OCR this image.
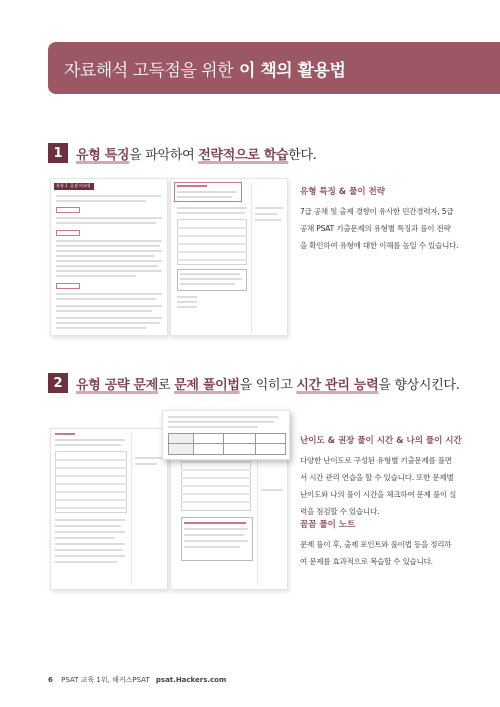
자료해석 고득점을 위한 이 책의 활용법
1	유형 특징을 파악하여 전략적으로 학습한다.
유형 1 곱셈 비교형
유형 특징 & 풀이 전략
7급 공채 및 출제 경향이 유사한 민간경력자, 5급
공채 PSAT 기출문제의 유형별 특징과 풀이 전략
을 확인하여 유형에 대한 이해를 높일 수 있습니다.
2	유형 공략 문제로 문제 풀이법을 익히고 시간 관리 능력을 향상시킨다.
난이도 & 권장 풀이 시간 & 나의 풀이 시간
다양한 난이도로 구성된 유형별 기출문제를 풀면
서 시간 관리 연습을 할 수 있습니다. 또한 문제별
난이도와 나의 풀이 시간을 체크하여 문제 풀이 실
력을 점검할 수 있습니다.
꼼꼼 풀이 노트
문제 풀이 후, 출제 포인트와 풀이법 등을 정리하
여 문제를 효과적으로 복습할 수 있습니다.
6 PSAT 교육 1위, 해커스PSAT psat.Hackers.com
